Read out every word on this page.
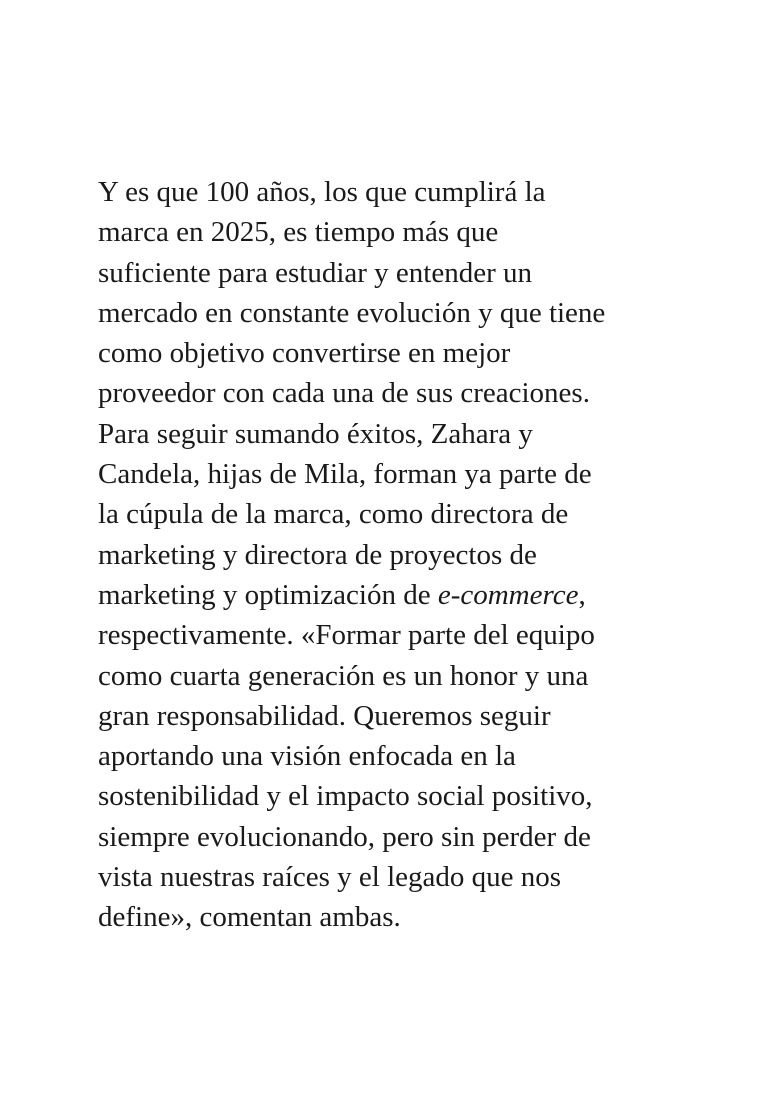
Y es que 100 años, los que cumplirá la
marca en 2025, es tiempo más que
suficiente para estudiar y entender un
mercado en constante evolución y que tiene
como objetivo convertirse en mejor
proveedor con cada una de sus creaciones.
Para seguir sumando éxitos, Zahara y
Candela, hijas de Mila, forman ya parte de
la cúpula de la marca, como directora de
marketing y directora de proyectos de
marketing y optimización de e-commerce,
respectivamente. «Formar parte del equipo
como cuarta generación es un honor y una
gran responsabilidad. Queremos seguir
aportando una visión enfocada en la
sostenibilidad y el impacto social positivo,
siempre evolucionando, pero sin perder de
vista nuestras raíces y el legado que nos
define», comentan ambas.
